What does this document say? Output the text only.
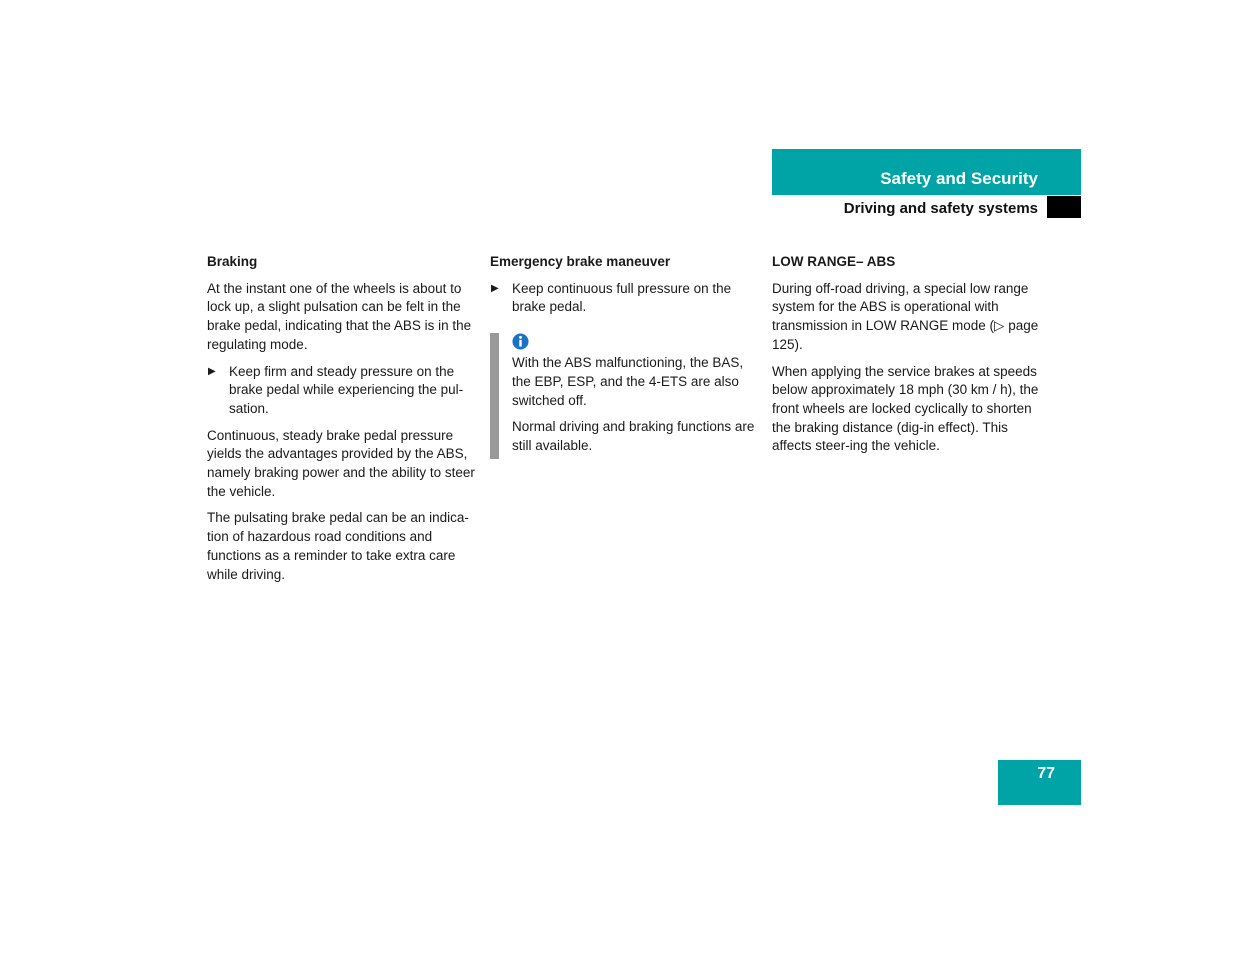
Safety and Security
Driving and safety systems
Braking

At the instant one of the wheels is about to lock up, a slight pulsation can be felt in the brake pedal, indicating that the ABS is in the regulating mode.

▶ Keep firm and steady pressure on the brake pedal while experiencing the pul-sation.

Continuous, steady brake pedal pressure yields the advantages provided by the ABS, namely braking power and the ability to steer the vehicle.

The pulsating brake pedal can be an indica-tion of hazardous road conditions and functions as a reminder to take extra care while driving.

Emergency brake maneuver
▶ Keep continuous full pressure on the brake pedal.

With the ABS malfunctioning, the BAS, the EBP, ESP, and the 4-ETS are also switched off.

Normal driving and braking functions are still available.

LOW RANGE– ABS

During off-road driving, a special low range system for the ABS is operational with transmission in LOW RANGE mode (▷ page 125).

When applying the service brakes at speeds below approximately 18 mph (30 km / h), the front wheels are locked cyclically to shorten the braking distance (dig-in effect). This affects steer-ing the vehicle.

77
